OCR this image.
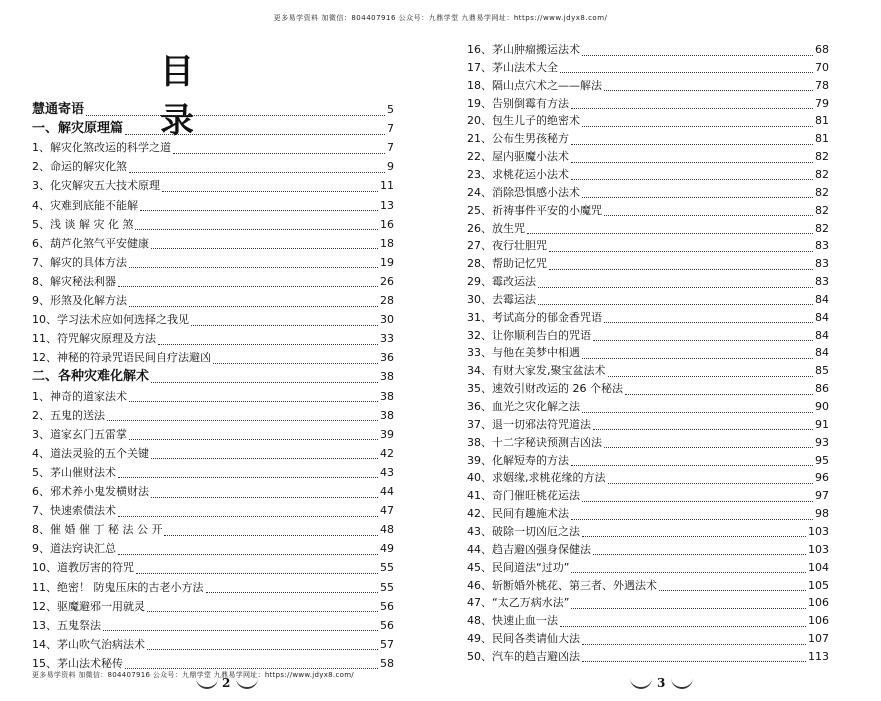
更多易学资料 加微信：804407916 公众号：九鼎学堂 九鼎易学网址：https://www.jdyx8.com/
目 录
慧通寄语	5
一、解灾原理篇	7
1、解灾化煞改运的科学之道	7
2、命运的解灾化煞	9
3、化灾解灾五大技术原理	11
4、灾难到底能不能解	13
5、浅 谈 解 灾 化 煞	16
6、葫芦化煞气平安健康	18
7、解灾的具体方法	19
8、解灾秘法利器	26
9、形煞及化解方法	28
10、学习法术应如何选择之我见	30
11、符咒解灾原理及方法	33
12、神秘的符录咒语民间自疗法避凶	36
二、各种灾难化解术	38
1、神奇的道家法术	38
2、五鬼的送法	38
3、道家玄门五雷掌	39
4、道法灵验的五个关键	42
5、茅山催财法术	43
6、邪术养小鬼发横财法	44
7、快速索债法术	47
8、催 婚 催 丁 秘 法 公 开	48
9、道法窍诀汇总	49
10、道教厉害的符咒	55
11、绝密！ 防鬼压床的古老小方法	55
12、驱魔避邪一用就灵	56
13、五鬼祭法	56
14、茅山吹气治病法术	57
15、茅山法术秘传	58
更多易学资料 加微信：804407916 公众号：九鼎学堂 九鼎易学网址：https://www.jdyx8.com/
2	3
16、茅山肿瘤搬运法术	68
17、茅山法术大全	70
18、隔山点穴术之——解法	78
19、告别倒霉有方法	79
20、包生儿子的绝密术	81
21、公布生男孩秘方	81
22、屋内驱魔小法术	82
23、求桃花运小法术	82
24、消除恐惧感小法术	82
25、祈祷事件平安的小魔咒	82
26、放生咒	82
27、夜行壮胆咒	83
28、帮助记忆咒	83
29、霉改运法	83
30、去霉运法	84
31、考试高分的郁金香咒语	84
32、让你顺利告白的咒语	84
33、与他在美梦中相遇	84
34、有财大家发,聚宝盆法术	85
35、速效引财改运的 26 个秘法	86
36、血光之灾化解之法	90
37、退一切邪法符咒道法	91
38、十二字秘诀预测吉凶法	93
39、化解短寿的方法	95
40、求姻缘,求桃花缘的方法	96
41、奇门催旺桃花运法	97
42、民间有趣施术法	98
43、破除一切凶厄之法	103
44、趋吉避凶强身保健法	103
45、民间道法“过功”	104
46、斩断婚外桃花、第三者、外遇法术	105
47、“太乙万病水法”	106
48、快速止血一法	106
49、民间各类请仙大法	107
50、汽车的趋吉避凶法	113
